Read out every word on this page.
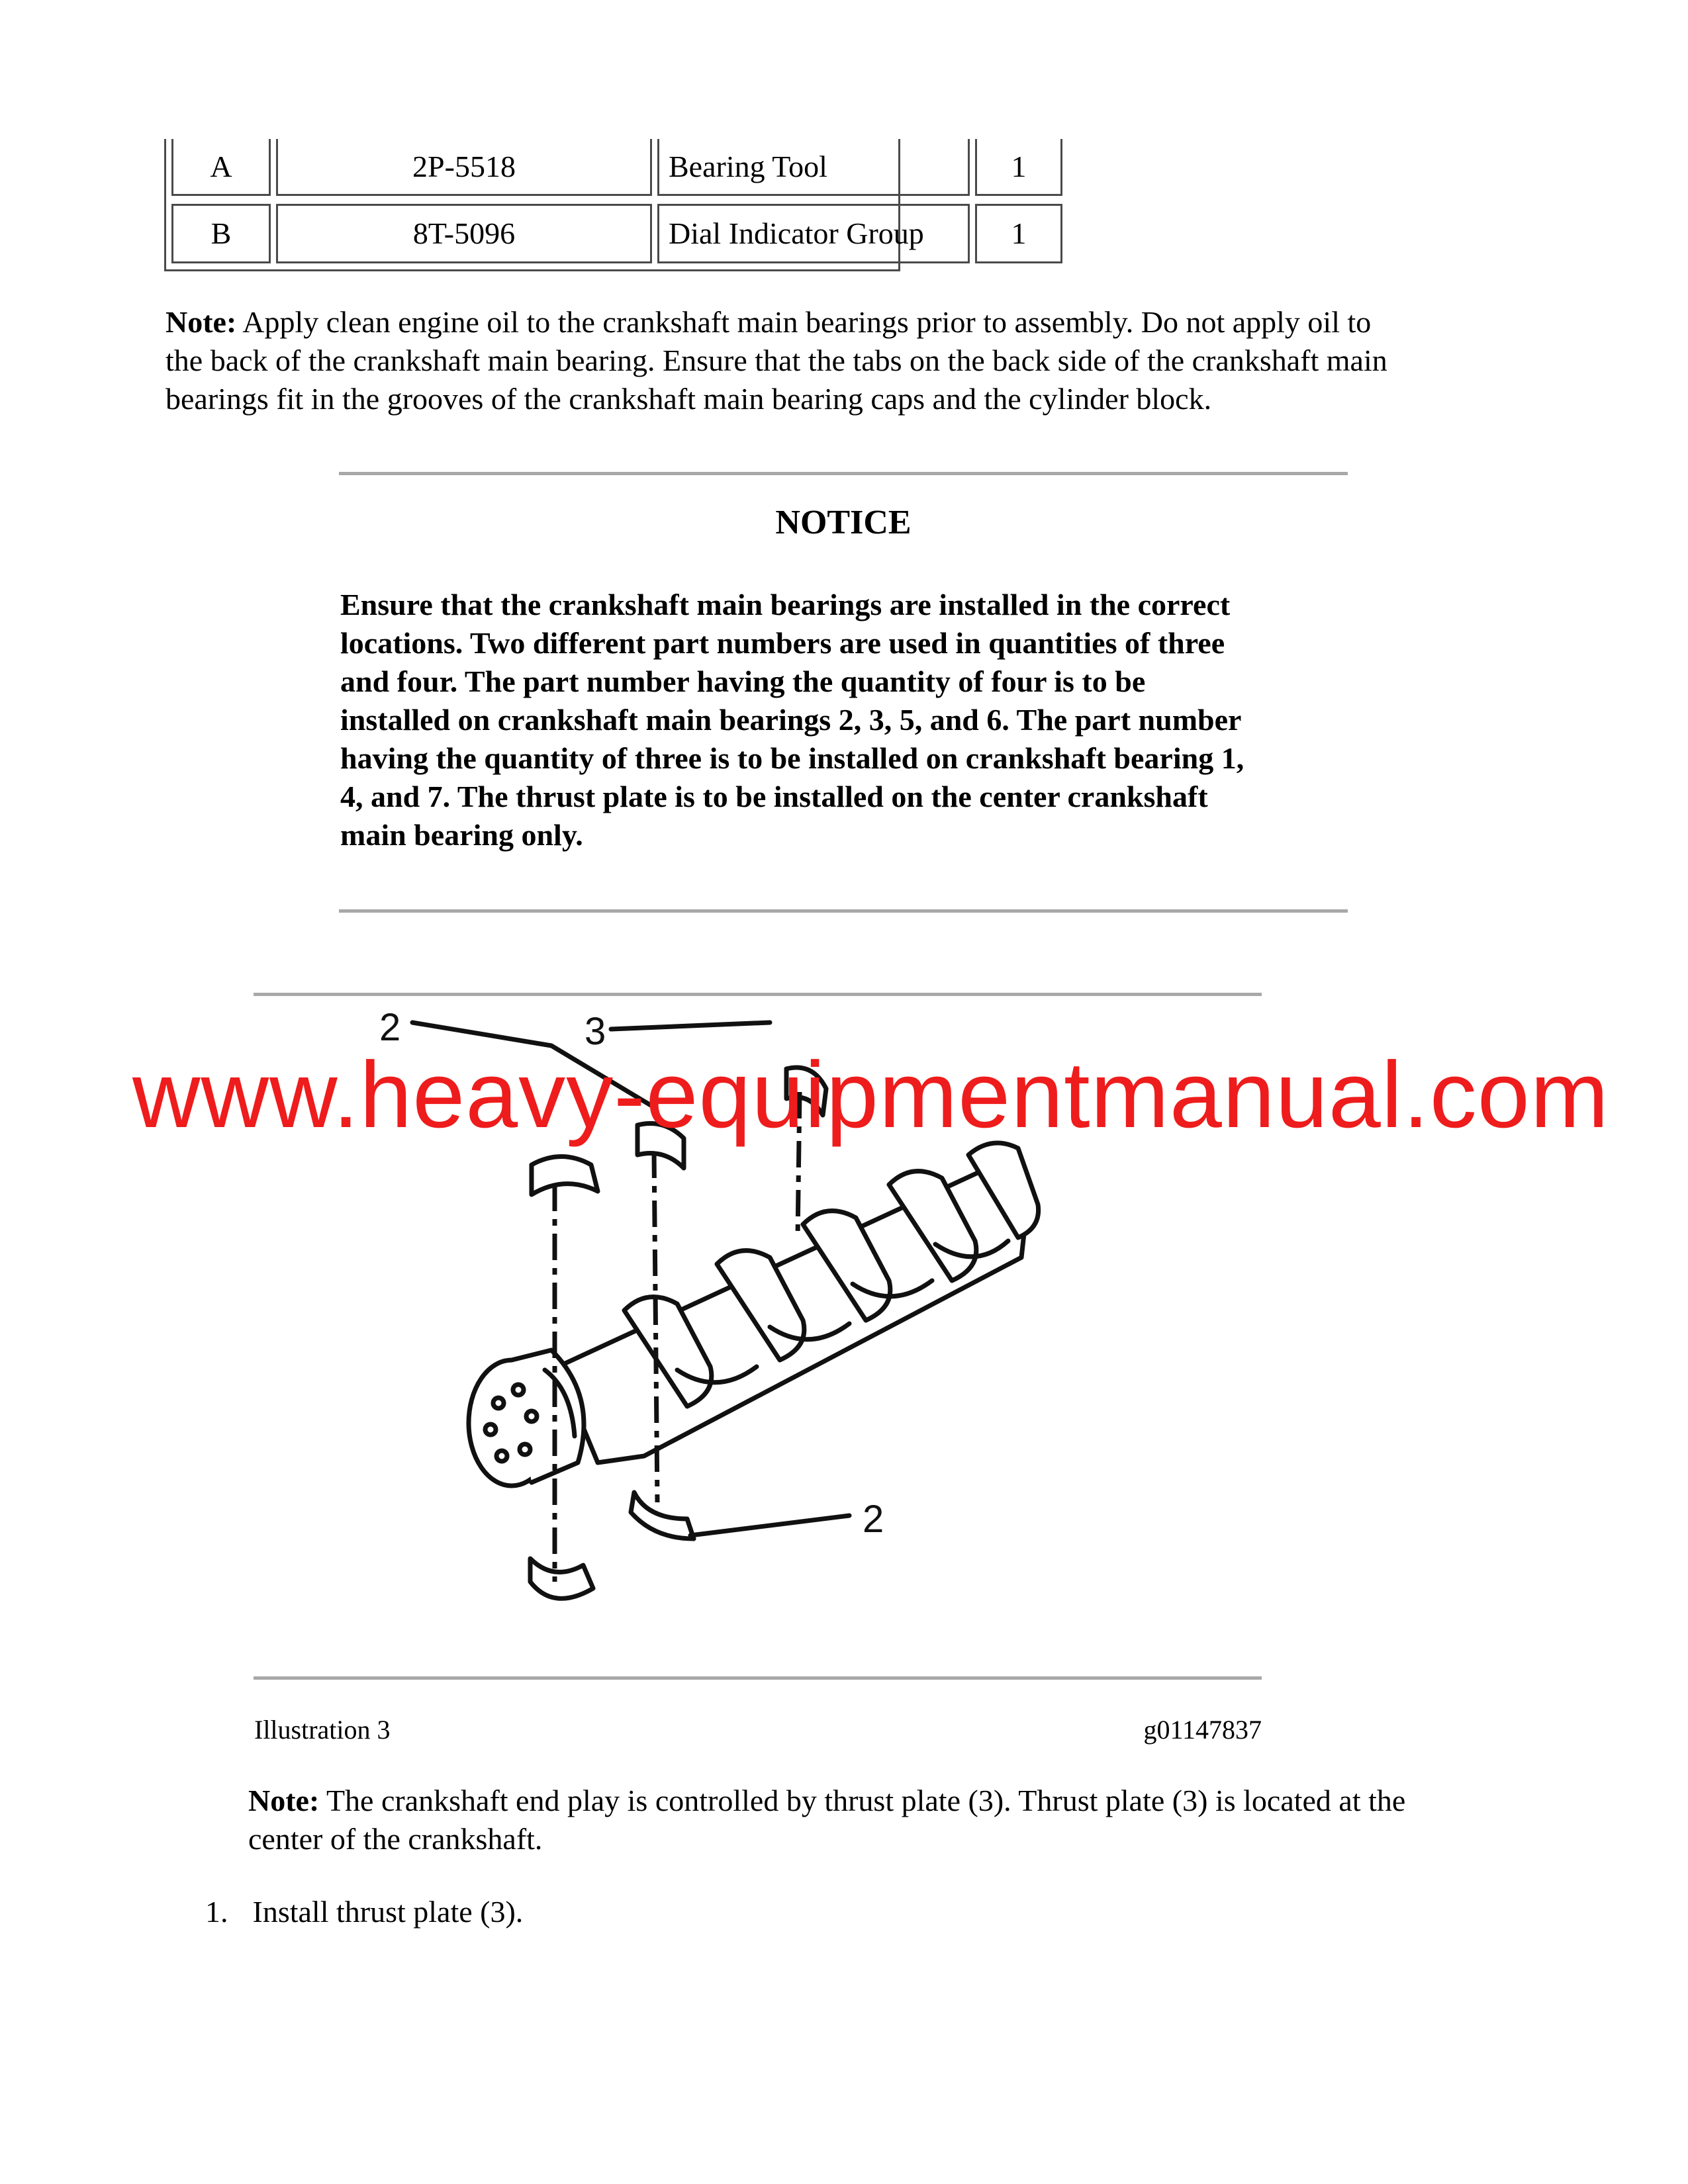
A	2P-5518	Bearing Tool	1
B	8T-5096	Dial Indicator Group	1
Note: Apply clean engine oil to the crankshaft main bearings prior to assembly. Do not apply oil to
the back of the crankshaft main bearing. Ensure that the tabs on the back side of the crankshaft main
bearings fit in the grooves of the crankshaft main bearing caps and the cylinder block.
NOTICE
Ensure that the crankshaft main bearings are installed in the correct
locations. Two different part numbers are used in quantities of three
and four. The part number having the quantity of four is to be
installed on crankshaft main bearings 2, 3, 5, and 6. The part number
having the quantity of three is to be installed on crankshaft bearing 1,
4, and 7. The thrust plate is to be installed on the center crankshaft
main bearing only.
2	3
2
Illustration 3	g01147837
www.heavy-equipmentmanual.com
Note: The crankshaft end play is controlled by thrust plate (3). Thrust plate (3) is located at the
center of the crankshaft.
1. Install thrust plate (3).
